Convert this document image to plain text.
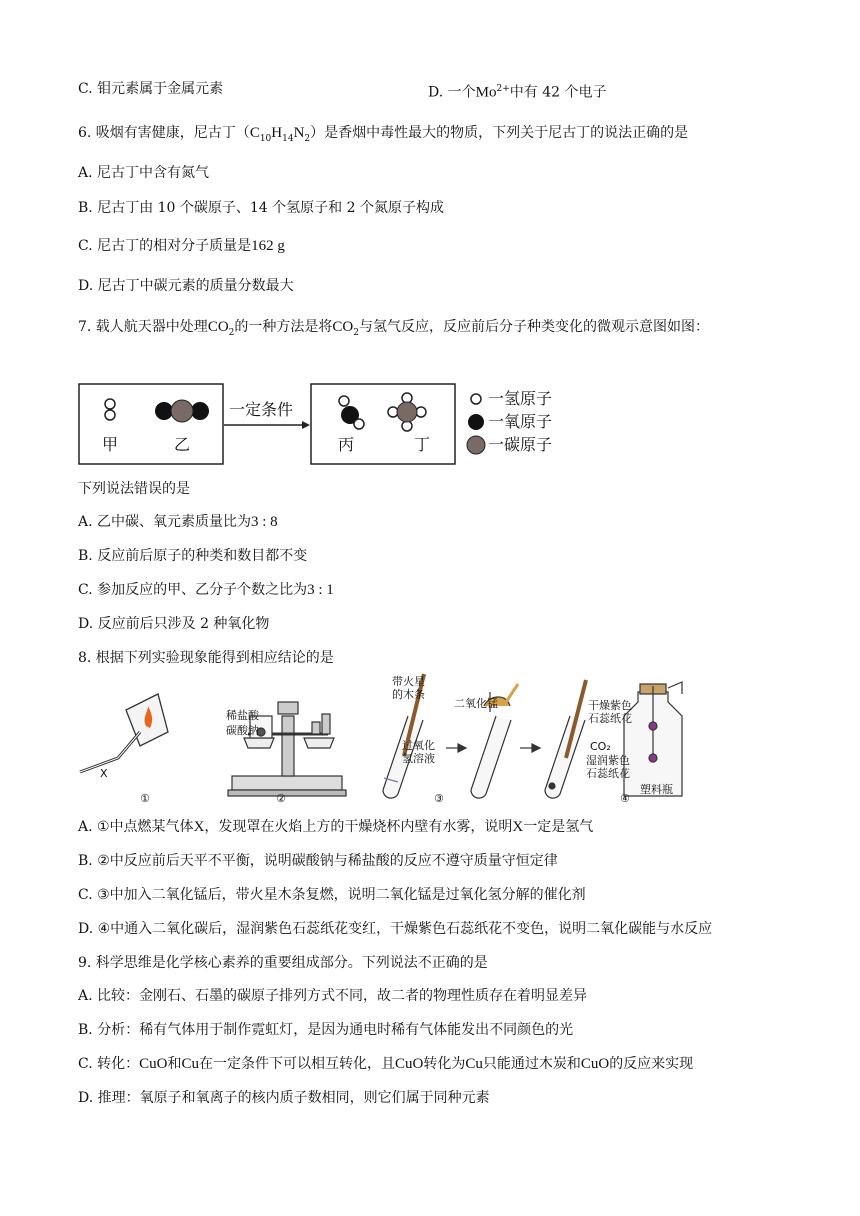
C. 钼元素属于金属元素	D. 一个$Mo^{2+}$中有 42 个电子
6. 吸烟有害健康，尼古丁$(C_{10}H_{14}N_2)$是香烟中毒性最大的物质，下列关于尼古丁的说法正确的是
A. 尼古丁中含有氮气
B. 尼古丁由 10 个碳原子、14 个氢原子和 2 个氮原子构成
C. 尼古丁的相对分子质量是162 g
D. 尼古丁中碳元素的质量分数最大
7. 载人航天器中处理$CO_2$的一种方法是将$CO_2$与氢气反应，反应前后分子种类变化的微观示意图如图：
甲	乙
一定条件
丙	丁
一氢原子
一氧原子
一碳原子
下列说法错误的是
A. 乙中碳、氧元素质量比为3 : 8
B. 反应前后原子的种类和数目都不变
C. 参加反应的甲、乙分子个数之比为3 : 1
D. 反应前后只涉及 2 种氧化物
8. 根据下列实验现象能得到相应结论的是
X
稀盐酸
碳酸钠
带火星
的木条
二氧化锰
过氧化
氢溶液
干燥紫色
石蕊纸花
CO₂
湿润紫色
石蕊纸花
塑料瓶
①	②	③	④
A. ①中点燃某气体X，发现罩在火焰上方的干燥烧杯内壁有水雾，说明X一定是氢气
B. ②中反应前后天平不平衡，说明碳酸钠与稀盐酸的反应不遵守质量守恒定律
C. ③中加入二氧化锰后，带火星木条复燃，说明二氧化锰是过氧化氢分解的催化剂
D. ④中通入二氧化碳后，湿润紫色石蕊纸花变红，干燥紫色石蕊纸花不变色，说明二氧化碳能与水反应
9. 科学思维是化学核心素养的重要组成部分。下列说法不正确的是
A. 比较：金刚石、石墨的碳原子排列方式不同，故二者的物理性质存在着明显差异
B. 分析：稀有气体用于制作霓虹灯，是因为通电时稀有气体能发出不同颜色的光
C. 转化：CuO和Cu在一定条件下可以相互转化，且CuO转化为Cu只能通过木炭和CuO的反应来实现
D. 推理：氧原子和氧离子的核内质子数相同，则它们属于同种元素
